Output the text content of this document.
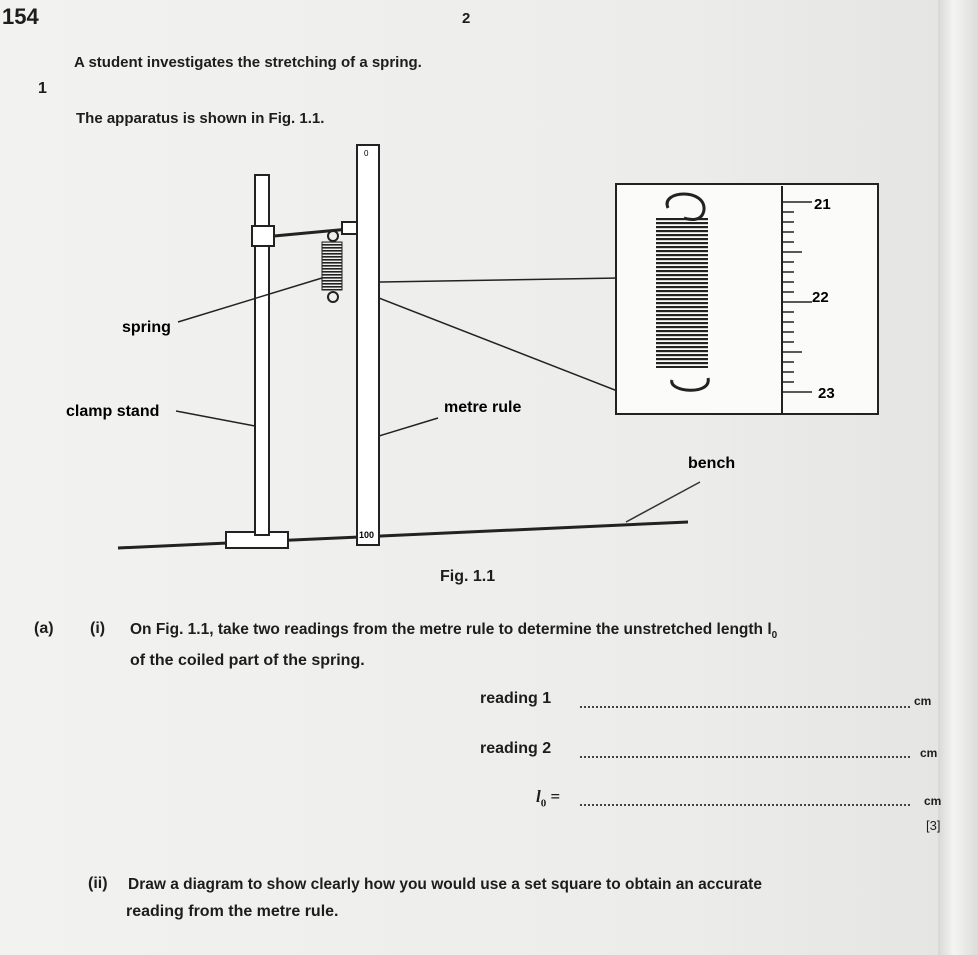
154	2
1
A student investigates the stretching of a spring.
The apparatus is shown in Fig. 1.1.
0
100
21
22
23
spring
clamp stand	metre rule
bench
Fig. 1.1
(a) (i) On Fig. 1.1, take two readings from the metre rule to determine the unstretched length $l_0$
of the coiled part of the spring.
reading 1	cm
reading 2	cm
$l_0$ =	cm
[3]
(ii) Draw a diagram to show clearly how you would use a set square to obtain an accurate
reading from the metre rule.
